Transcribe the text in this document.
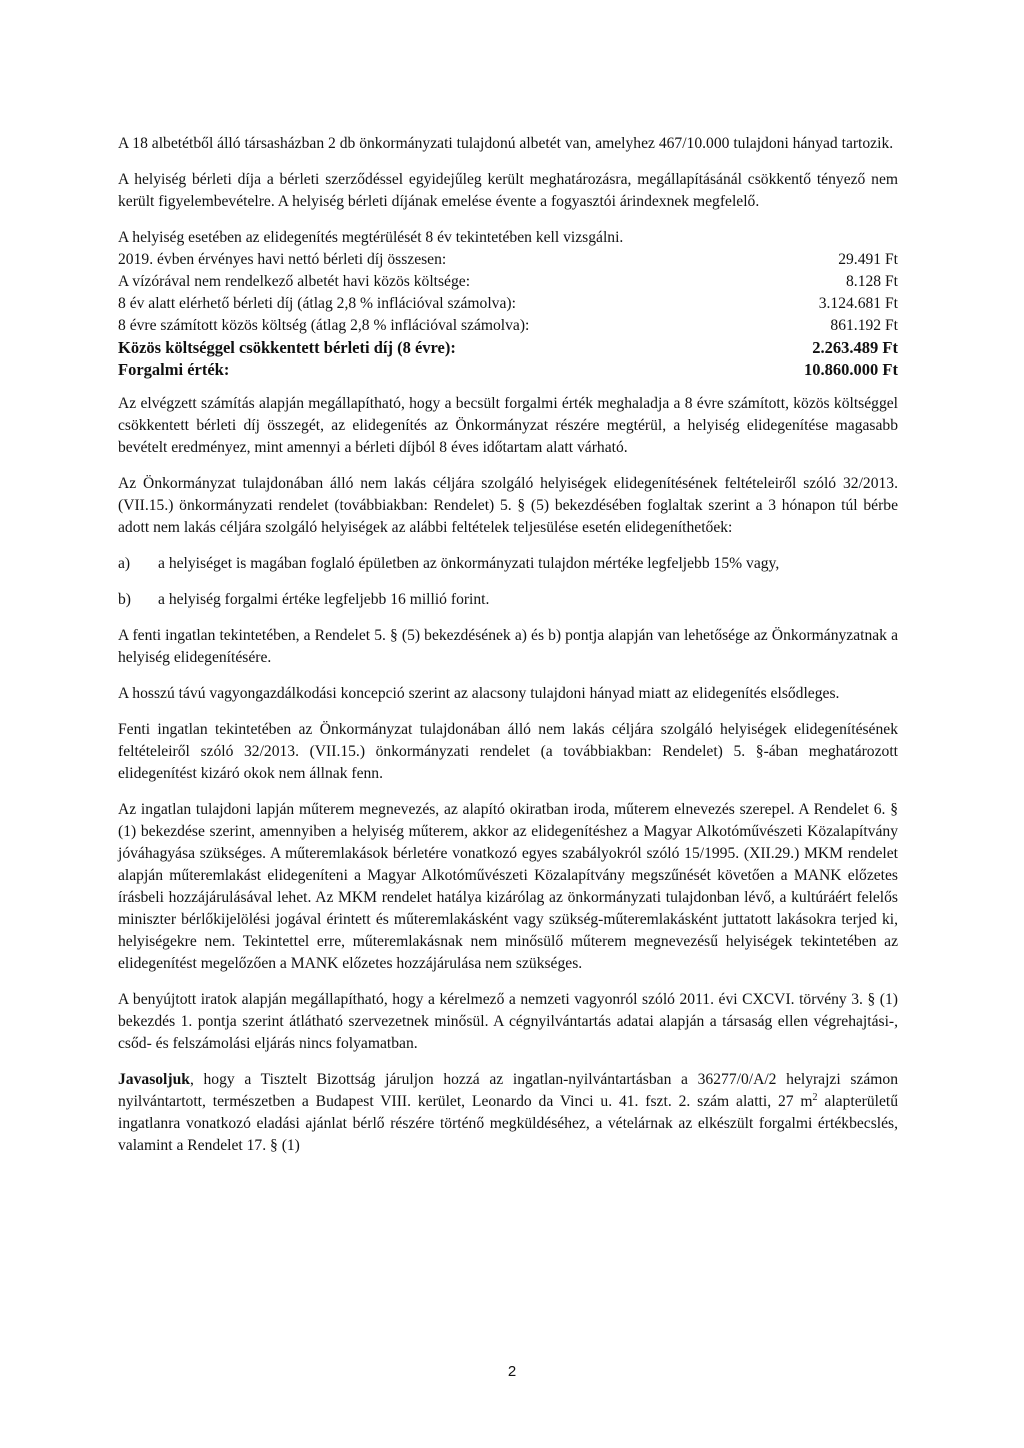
A 18 albetétből álló társasházban 2 db önkormányzati tulajdonú albetét van, amelyhez 467/10.000 tulajdoni hányad tartozik.

A helyiség bérleti díja a bérleti szerződéssel egyidejűleg került meghatározásra, megállapításánál csökkentő tényező nem került figyelembevételre. A helyiség bérleti díjának emelése évente a fogyasztói árindexnek megfelelő.

A helyiség esetében az elidegenítés megtérülését 8 év tekintetében kell vizsgálni.
2019. évben érvényes havi nettó bérleti díj összesen:	29.491 Ft
A vízórával nem rendelkező albetét havi közös költsége:	8.128 Ft
8 év alatt elérhető bérleti díj (átlag 2,8 % inflációval számolva):	3.124.681 Ft
8 évre számított közös költség (átlag 2,8 % inflációval számolva):	861.192 Ft
Közös költséggel csökkentett bérleti díj (8 évre):	2.263.489 Ft
Forgalmi érték:	10.860.000 Ft

Az elvégzett számítás alapján megállapítható, hogy a becsült forgalmi érték meghaladja a 8 évre számított, közös költséggel csökkentett bérleti díj összegét, az elidegenítés az Önkormányzat részére megtérül, a helyiség elidegenítése magasabb bevételt eredményez, mint amennyi a bérleti díjból 8 éves időtartam alatt várható.

Az Önkormányzat tulajdonában álló nem lakás céljára szolgáló helyiségek elidegenítésének feltételeiről szóló 32/2013. (VII.15.) önkormányzati rendelet (továbbiakban: Rendelet) 5. § (5) bekezdésében foglaltak szerint a 3 hónapon túl bérbe adott nem lakás céljára szolgáló helyiségek az alábbi feltételek teljesülése esetén elidegeníthetőek:

a)	a helyiséget is magában foglaló épületben az önkormányzati tulajdon mértéke legfeljebb 15% vagy,
b)	a helyiség forgalmi értéke legfeljebb 16 millió forint.

A fenti ingatlan tekintetében, a Rendelet 5. § (5) bekezdésének a) és b) pontja alapján van lehetősége az Önkormányzatnak a helyiség elidegenítésére.

A hosszú távú vagyongazdálkodási koncepció szerint az alacsony tulajdoni hányad miatt az elidegenítés elsődleges.

Fenti ingatlan tekintetében az Önkormányzat tulajdonában álló nem lakás céljára szolgáló helyiségek elidegenítésének feltételeiről szóló 32/2013. (VII.15.) önkormányzati rendelet (a továbbiakban: Rendelet) 5. §-ában meghatározott elidegenítést kizáró okok nem állnak fenn.

Az ingatlan tulajdoni lapján műterem megnevezés, az alapító okiratban iroda, műterem elnevezés szerepel. A Rendelet 6. § (1) bekezdése szerint, amennyiben a helyiség műterem, akkor az elidegenítéshez a Magyar Alkotóművészeti Közalapítvány jóváhagyása szükséges. A műteremlakások bérletére vonatkozó egyes szabályokról szóló 15/1995. (XII.29.) MKM rendelet alapján műteremlakást elidegeníteni a Magyar Alkotóművészeti Közalapítvány megszűnését követően a MANK előzetes írásbeli hozzájárulásával lehet. Az MKM rendelet hatálya kizárólag az önkormányzati tulajdonban lévő, a kultúráért felelős miniszter bérlőkijelölési jogával érintett és műteremlakásként vagy szükség-műteremlakásként juttatott lakásokra terjed ki, helyiségekre nem. Tekintettel erre, műteremlakásnak nem minősülő műterem megnevezésű helyiségek tekintetében az elidegenítést megelőzően a MANK előzetes hozzájárulása nem szükséges.

A benyújtott iratok alapján megállapítható, hogy a kérelmező a nemzeti vagyonról szóló 2011. évi CXCVI. törvény 3. § (1) bekezdés 1. pontja szerint átlátható szervezetnek minősül. A cégnyilvántartás adatai alapján a társaság ellen végrehajtási-, csőd- és felszámolási eljárás nincs folyamatban.

Javasoljuk, hogy a Tisztelt Bizottság járuljon hozzá az ingatlan-nyilvántartásban a 36277/0/A/2 helyrajzi számon nyilvántartott, természetben a Budapest VIII. kerület, Leonardo da Vinci u. 41. fszt. 2. szám alatti, 27 $m^2$ alapterületű ingatlanra vonatkozó eladási ajánlat bérlő részére történő megküldéséhez, a vételárnak az elkészült forgalmi értékbecslés, valamint a Rendelet 17. § (1)

2
